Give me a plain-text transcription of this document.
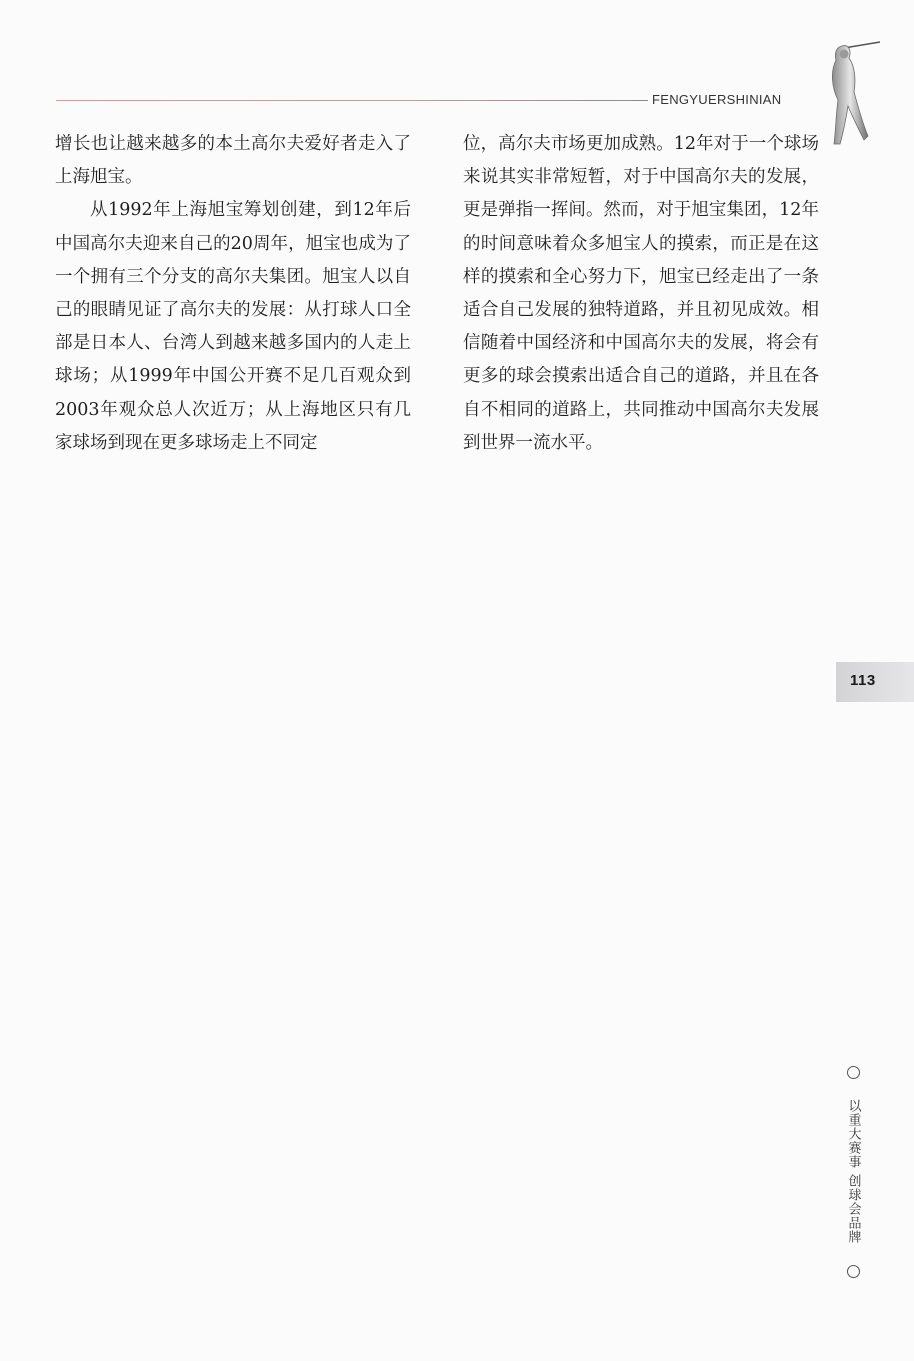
FENGYUERSHINIAN

增长也让越来越多的本土高尔夫爱好者走入了上海旭宝。

从1992年上海旭宝筹划创建，到12年后中国高尔夫迎来自己的20周年，旭宝也成为了一个拥有三个分支的高尔夫集团。旭宝人以自己的眼睛见证了高尔夫的发展：从打球人口全部是日本人、台湾人到越来越多国内的人走上球场；从1999年中国公开赛不足几百观众到2003年观众总人次近万；从上海地区只有几家球场到现在更多球场走上不同定

位，高尔夫市场更加成熟。12年对于一个球场来说其实非常短暂，对于中国高尔夫的发展，更是弹指一挥间。然而，对于旭宝集团，12年的时间意味着众多旭宝人的摸索，而正是在这样的摸索和全心努力下，旭宝已经走出了一条适合自己发展的独特道路，并且初见成效。相信随着中国经济和中国高尔夫的发展，将会有更多的球会摸索出适合自己的道路，并且在各自不相同的道路上，共同推动中国高尔夫发展到世界一流水平。

113
以重大赛事 创球会品牌
